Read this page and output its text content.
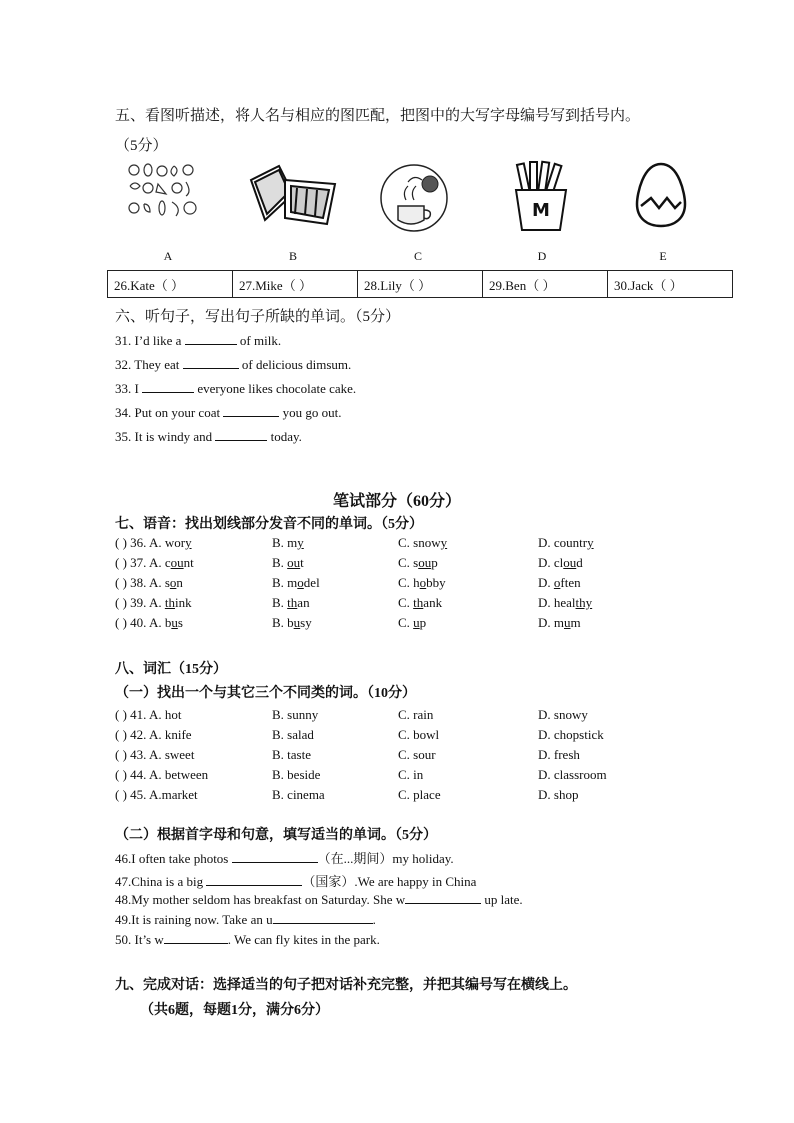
五、看图听描述，将人名与相应的图匹配，把图中的大写字母编号写到括号内。
（5分）
M
A	B	C	D	E
26.Kate（ ）	27.Mike（ ）	28.Lily（ ）	29.Ben（ ）	30.Jack（ ）
六、听句子，写出句子所缺的单词。（5分）
31. I’d like a	of milk.
32. They eat	of delicious dimsum.
33. I	everyone likes chocolate cake.
34. Put on your coat	you go out.
35. It is windy and	today.
笔试部分（60分）
七、语音：找出划线部分发音不同的单词。（5分）
( ) 36. A. wory	B. my	C. snowy	D. country
( ) 37. A. count	B. out	C. soup	D. cloud
( ) 38. A. son	B. model	C. hobby	D. often
( ) 39. A. think	B. than	C. thank	D. healthy
( ) 40. A. bus	B. busy	C. up	D. mum
八、词汇（15分）
（一）找出一个与其它三个不同类的词。（10分）
( ) 41. A. hot	B. sunny	C. rain	D. snowy
( ) 42. A. knife	B. salad	C. bowl	D. chopstick
( ) 43. A. sweet	B. taste	C. sour	D. fresh
( ) 44. A. between	B. beside	C. in	D. classroom
( ) 45. A.market	B. cinema	C. place	D. shop
（二）根据首字母和句意，填写适当的单词。（5分）
46.I often take photos	（在...期间）my holiday.
47.China is a big	（国家）.We are happy in China
48.My mother seldom has breakfast on Saturday. She w	up late.
49.It is raining now. Take an u	.
50. It’s w	. We can fly kites in the park.
九、完成对话：选择适当的句子把对话补充完整，并把其编号写在横线上。
（共6题，每题1分，满分6分）
